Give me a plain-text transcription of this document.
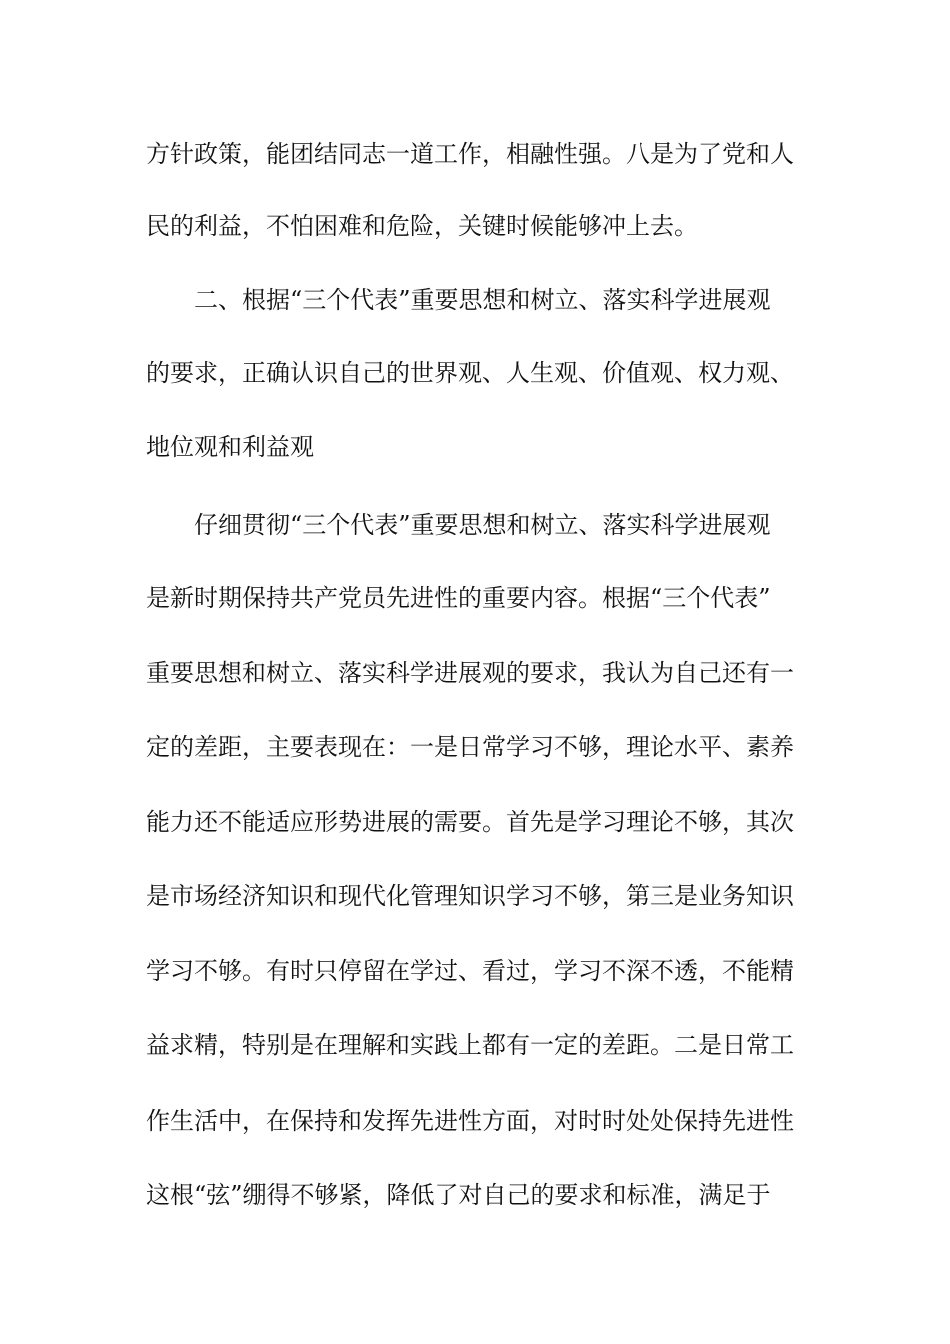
方针政策，能团结同志一道工作，相融性强。八是为了党和人
民的利益，不怕困难和危险，关键时候能够冲上去。
二、根据“三个代表”重要思想和树立、落实科学进展观
的要求，正确认识自己的世界观、人生观、价值观、权力观、
地位观和利益观
仔细贯彻“三个代表”重要思想和树立、落实科学进展观
是新时期保持共产党员先进性的重要内容。根据“三个代表”
重要思想和树立、落实科学进展观的要求，我认为自己还有一
定的差距，主要表现在：一是日常学习不够，理论水平、素养
能力还不能适应形势进展的需要。首先是学习理论不够，其次
是市场经济知识和现代化管理知识学习不够，第三是业务知识
学习不够。有时只停留在学过、看过，学习不深不透，不能精
益求精，特别是在理解和实践上都有一定的差距。二是日常工
作生活中，在保持和发挥先进性方面，对时时处处保持先进性
这根“弦”绷得不够紧，降低了对自己的要求和标准，满足于
